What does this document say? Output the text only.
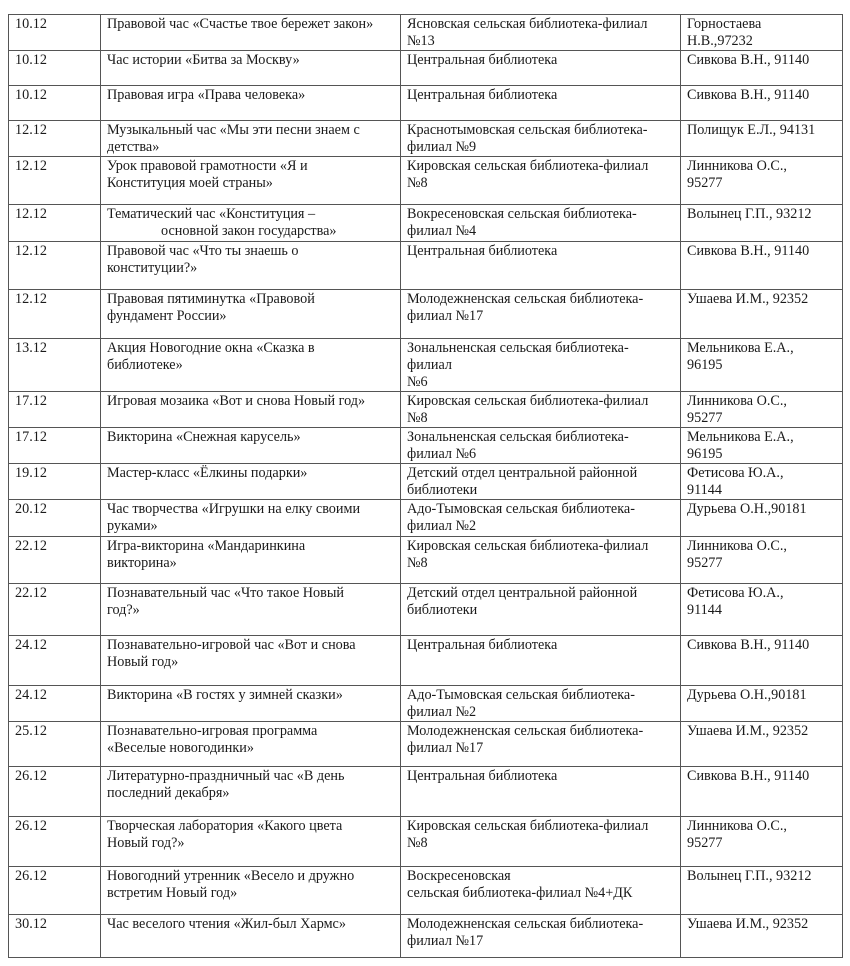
10.12	Правовой час «Счастье твое бережет закон»	Ясновская сельская библиотека-филиал
№13	Горностаева
Н.В.,97232

10.12	Час истории «Битва за Москву»	Центральная библиотека	Сивкова В.Н., 91140

10.12	Правовая игра «Права человека»	Центральная библиотека	Сивкова В.Н., 91140

12.12	Музыкальный час «Мы эти песни знаем с
детства»	Краснотымовская сельская библиотека-
филиал №9	Полищук Е.Л., 94131

12.12	Урок правовой грамотности «Я и
Конституция моей страны»	Кировская сельская библиотека-филиал
№8	Линникова О.С.,
95277

12.12	Тематический час «Конституция –
основной закон государства»	Вокресеновская сельская библиотека-
филиал №4	Волынец Г.П., 93212

12.12	Правовой час «Что ты знаешь о
конституции?»	Центральная библиотека	Сивкова В.Н., 91140

12.12	Правовая пятиминутка «Правовой
фундамент России»	Молодежненская сельская библиотека-
филиал №17	Ушаева И.М., 92352

13.12	Акция Новогодние окна «Сказка в
библиотеке»	Зональненская сельская библиотека-
филиал
№6	Мельникова Е.А.,
96195

17.12	Игровая мозаика «Вот и снова Новый год»	Кировская сельская библиотека-филиал
№8	Линникова О.С.,
95277

17.12	Викторина «Снежная карусель»	Зональненская сельская библиотека-
филиал №6	Мельникова Е.А.,
96195

19.12	Мастер-класс «Ёлкины подарки»	Детский отдел центральной районной
библиотеки	Фетисова Ю.А.,
91144

20.12	Час творчества «Игрушки на елку своими
руками»	Адо-Тымовская сельская библиотека-
филиал №2	Дурьева О.Н.,90181

22.12	Игра-викторина «Мандаринкина
викторина»	Кировская сельская библиотека-филиал
№8	Линникова О.С.,
95277

22.12	Познавательный час «Что такое Новый
год?»	Детский отдел центральной районной
библиотеки	Фетисова Ю.А.,
91144

24.12	Познавательно-игровой час «Вот и снова
Новый год»	Центральная библиотека	Сивкова В.Н., 91140

24.12	Викторина «В гостях у зимней сказки»	Адо-Тымовская сельская библиотека-
филиал №2	Дурьева О.Н.,90181

25.12	Познавательно-игровая программа
«Веселые новогодинки»	Молодежненская сельская библиотека-
филиал №17	Ушаева И.М., 92352

26.12	Литературно-праздничный час «В день
последний декабря»	Центральная библиотека	Сивкова В.Н., 91140

26.12	Творческая лаборатория «Какого цвета
Новый год?»	Кировская сельская библиотека-филиал
№8	Линникова О.С.,
95277

26.12	Новогодний утренник «Весело и дружно
встретим Новый год»	Воскресеновская
сельская библиотека-филиал №4+ДК	Волынец Г.П., 93212

30.12	Час веселого чтения «Жил-был Хармс»	Молодежненская сельская библиотека-
филиал №17	Ушаева И.М., 92352
